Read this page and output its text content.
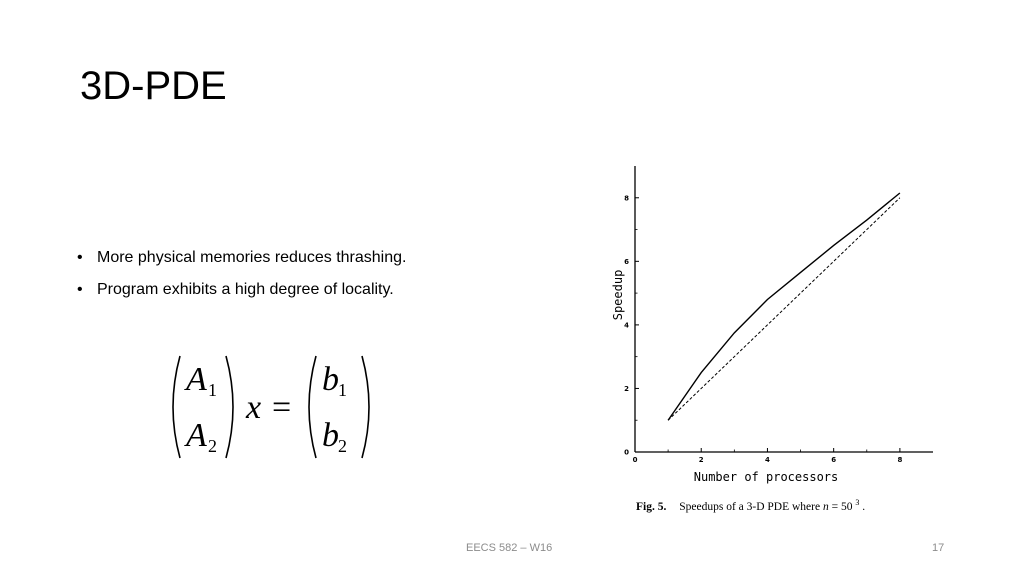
3D-PDE
• More physical memories reduces thrashing.
• Program exhibits a high degree of locality.
A 1
A 2
x =
b 1
b 2
0	2	4	6	8
0
2
4
6
8
Number of processors
Speedup
Fig. 5. Speedups of a 3-D PDE where n = 50 $^3$ .
EECS 582 – W16	17
